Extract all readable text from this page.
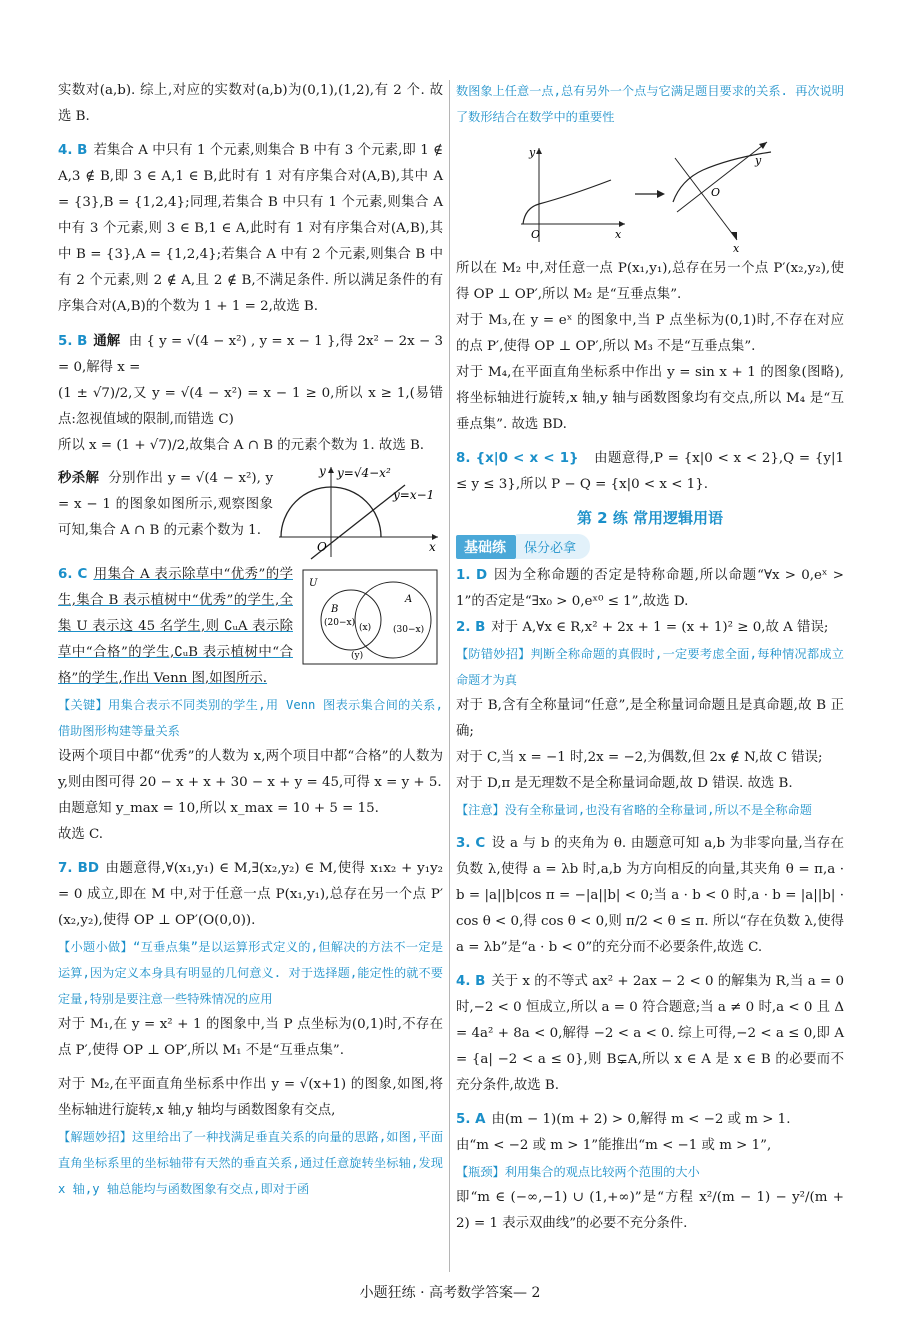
实数对(a,b). 综上,对应的实数对(a,b)为(0,1),(1,2),有 2 个. 故选 B.

4. B 若集合 A 中只有 1 个元素,则集合 B 中有 3 个元素,即 1 ∉ A,3 ∉ B,即 3 ∈ A,1 ∈ B,此时有 1 对有序集合对(A,B),其中 A = {3},B = {1,2,4};同理,若集合 B 中只有 1 个元素,则集合 A 中有 3 个元素,则 3 ∈ B,1 ∈ A,此时有 1 对有序集合对(A,B),其中 B = {3},A = {1,2,4};若集合 A 中有 2 个元素,则集合 B 中有 2 个元素,则 2 ∉ A,且 2 ∉ B,不满足条件. 所以满足条件的有序集合对(A,B)的个数为 1 + 1 = 2,故选 B.

5. B 通解 由 { y = √(4 − x²) , y = x − 1 },得 2x² − 2x − 3 = 0,解得 x =

(1 ± √7)/2,又 y = √(4 − x²) = x − 1 ≥ 0,所以 x ≥ 1,(易错点:忽视值域的限制,而错选 C)

所以 x = (1 + √7)/2,故集合 A ∩ B 的元素个数为 1. 故选 B.

秒杀解 分别作出 y = √(4 − x²), y = x − 1 的图象如图所示,观察图象可知,集合 A ∩ B 的元素个数为 1.

y y=√4−x²
y=x−1
O	x

6. C 用集合 A 表示除草中“优秀”的学生,集合 B 表示植树中“优秀”的学生,全集 U 表示这 45 名学生,则 ∁ᵤA 表示除草中“合格”的学生,∁ᵤB 表示植树中“合格”的学生,作出 Venn 图,如图所示.

U
B
A
(20−x) (x) (30−x)
(y)

【关键】用集合表示不同类别的学生,用 Venn 图表示集合间的关系,借助图形构建等量关系

设两个项目中都“优秀”的人数为 x,两个项目中都“合格”的人数为 y,则由图可得 20 − x + x + 30 − x + y = 45,可得 x = y + 5.

由题意知 y_max = 10,所以 x_max = 10 + 5 = 15.

故选 C.

7. BD 由题意得,∀(x₁,y₁) ∈ M,∃(x₂,y₂) ∈ M,使得 x₁x₂ + y₁y₂ = 0 成立,即在 M 中,对于任意一点 P(x₁,y₁),总存在另一个点 P′(x₂,y₂),使得 OP ⊥ OP′(O(0,0)).

【小题小做】“互垂点集”是以运算形式定义的,但解决的方法不一定是运算,因为定义本身具有明显的几何意义. 对于选择题,能定性的就不要定量,特别是要注意一些特殊情况的应用

对于 M₁,在 y = x² + 1 的图象中,当 P 点坐标为(0,1)时,不存在点 P′,使得 OP ⊥ OP′,所以 M₁ 不是“互垂点集”.

对于 M₂,在平面直角坐标系中作出 y = √(x+1) 的图象,如图,将坐标轴进行旋转,x 轴,y 轴均与函数图象有交点,

【解题妙招】这里给出了一种找满足垂直关系的向量的思路,如图,平面直角坐标系里的坐标轴带有天然的垂直关系,通过任意旋转坐标轴,发现 x 轴,y 轴总能均与函数图象有交点,即对于函

数图象上任意一点,总有另外一个点与它满足题目要求的关系. 再次说明了数形结合在数学中的重要性

y
x
O
y
x
O

所以在 M₂ 中,对任意一点 P(x₁,y₁),总存在另一个点 P′(x₂,y₂),使得 OP ⊥ OP′,所以 M₂ 是“互垂点集”.

对于 M₃,在 y = eˣ 的图象中,当 P 点坐标为(0,1)时,不存在对应的点 P′,使得 OP ⊥ OP′,所以 M₃ 不是“互垂点集”.

对于 M₄,在平面直角坐标系中作出 y = sin x + 1 的图象(图略),将坐标轴进行旋转,x 轴,y 轴与函数图象均有交点,所以 M₄ 是“互垂点集”. 故选 BD.

8. {x|0 < x < 1} 由题意得,P = {x|0 < x < 2},Q = {y|1 ≤ y ≤ 3},所以 P − Q = {x|0 < x < 1}.

第 2 练 常用逻辑用语
基础练	保分必拿

1. D 因为全称命题的否定是特称命题,所以命题“∀x > 0,eˣ > 1”的否定是“∃x₀ > 0,eˣ⁰ ≤ 1”,故选 D.

2. B 对于 A,∀x ∈ R,x² + 2x + 1 = (x + 1)² ≥ 0,故 A 错误;

【防错妙招】判断全称命题的真假时,一定要考虑全面,每种情况都成立命题才为真

对于 B,含有全称量词“任意”,是全称量词命题且是真命题,故 B 正确;

对于 C,当 x = −1 时,2x = −2,为偶数,但 2x ∉ N,故 C 错误;

对于 D,π 是无理数不是全称量词命题,故 D 错误. 故选 B.

【注意】没有全称量词,也没有省略的全称量词,所以不是全称命题

3. C 设 a 与 b 的夹角为 θ. 由题意可知 a,b 为非零向量,当存在负数 λ,使得 a = λb 时,a,b 为方向相反的向量,其夹角 θ = π,a · b = |a||b|cos π = −|a||b| < 0;当 a · b < 0 时,a · b = |a||b| · cos θ < 0,得 cos θ < 0,则 π/2 < θ ≤ π. 所以“存在负数 λ,使得 a = λb”是“a · b < 0”的充分而不必要条件,故选 C.

4. B 关于 x 的不等式 ax² + 2ax − 2 < 0 的解集为 R,当 a = 0 时,−2 < 0 恒成立,所以 a = 0 符合题意;当 a ≠ 0 时,a < 0 且 Δ = 4a² + 8a < 0,解得 −2 < a < 0. 综上可得,−2 < a ≤ 0,即 A = {a| −2 < a ≤ 0},则 B⊊A,所以 x ∈ A 是 x ∈ B 的必要而不充分条件,故选 B.

5. A 由(m − 1)(m + 2) > 0,解得 m < −2 或 m > 1.

由“m < −2 或 m > 1”能推出“m < −1 或 m > 1”,

【瓶颈】利用集合的观点比较两个范围的大小

即“m ∈ (−∞,−1) ∪ (1,+∞)”是“方程 x²/(m − 1) − y²/(m + 2) = 1 表示双曲线”的必要不充分条件.

小题狂练 · 高考数学答案— 2
